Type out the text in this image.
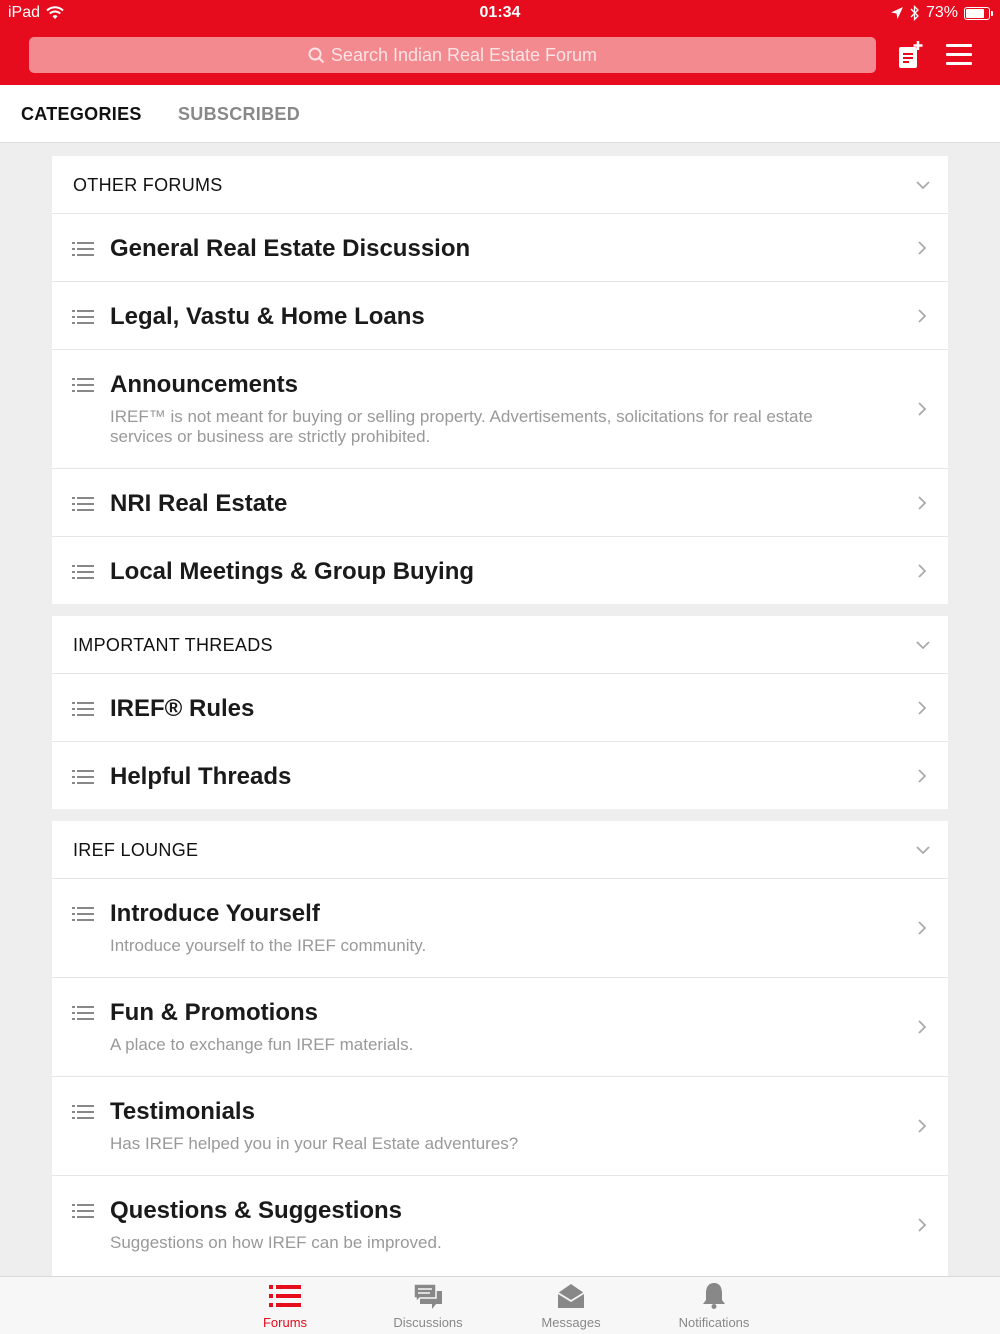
iPad	01:34	73%
Search Indian Real Estate Forum
CATEGORIES SUBSCRIBED
OTHER FORUMS
General Real Estate Discussion
Legal, Vastu & Home Loans
Announcements
IREF™ is not meant for buying or selling property. Advertisements, solicitations for real estate services or business are strictly prohibited.
NRI Real Estate
Local Meetings & Group Buying
IMPORTANT THREADS
IREF® Rules
Helpful Threads
IREF LOUNGE
Introduce Yourself
Introduce yourself to the IREF community.
Fun & Promotions
A place to exchange fun IREF materials.
Testimonials
Has IREF helped you in your Real Estate adventures?
Questions & Suggestions
Suggestions on how IREF can be improved.
Forums	Discussions	Messages	Notifications
